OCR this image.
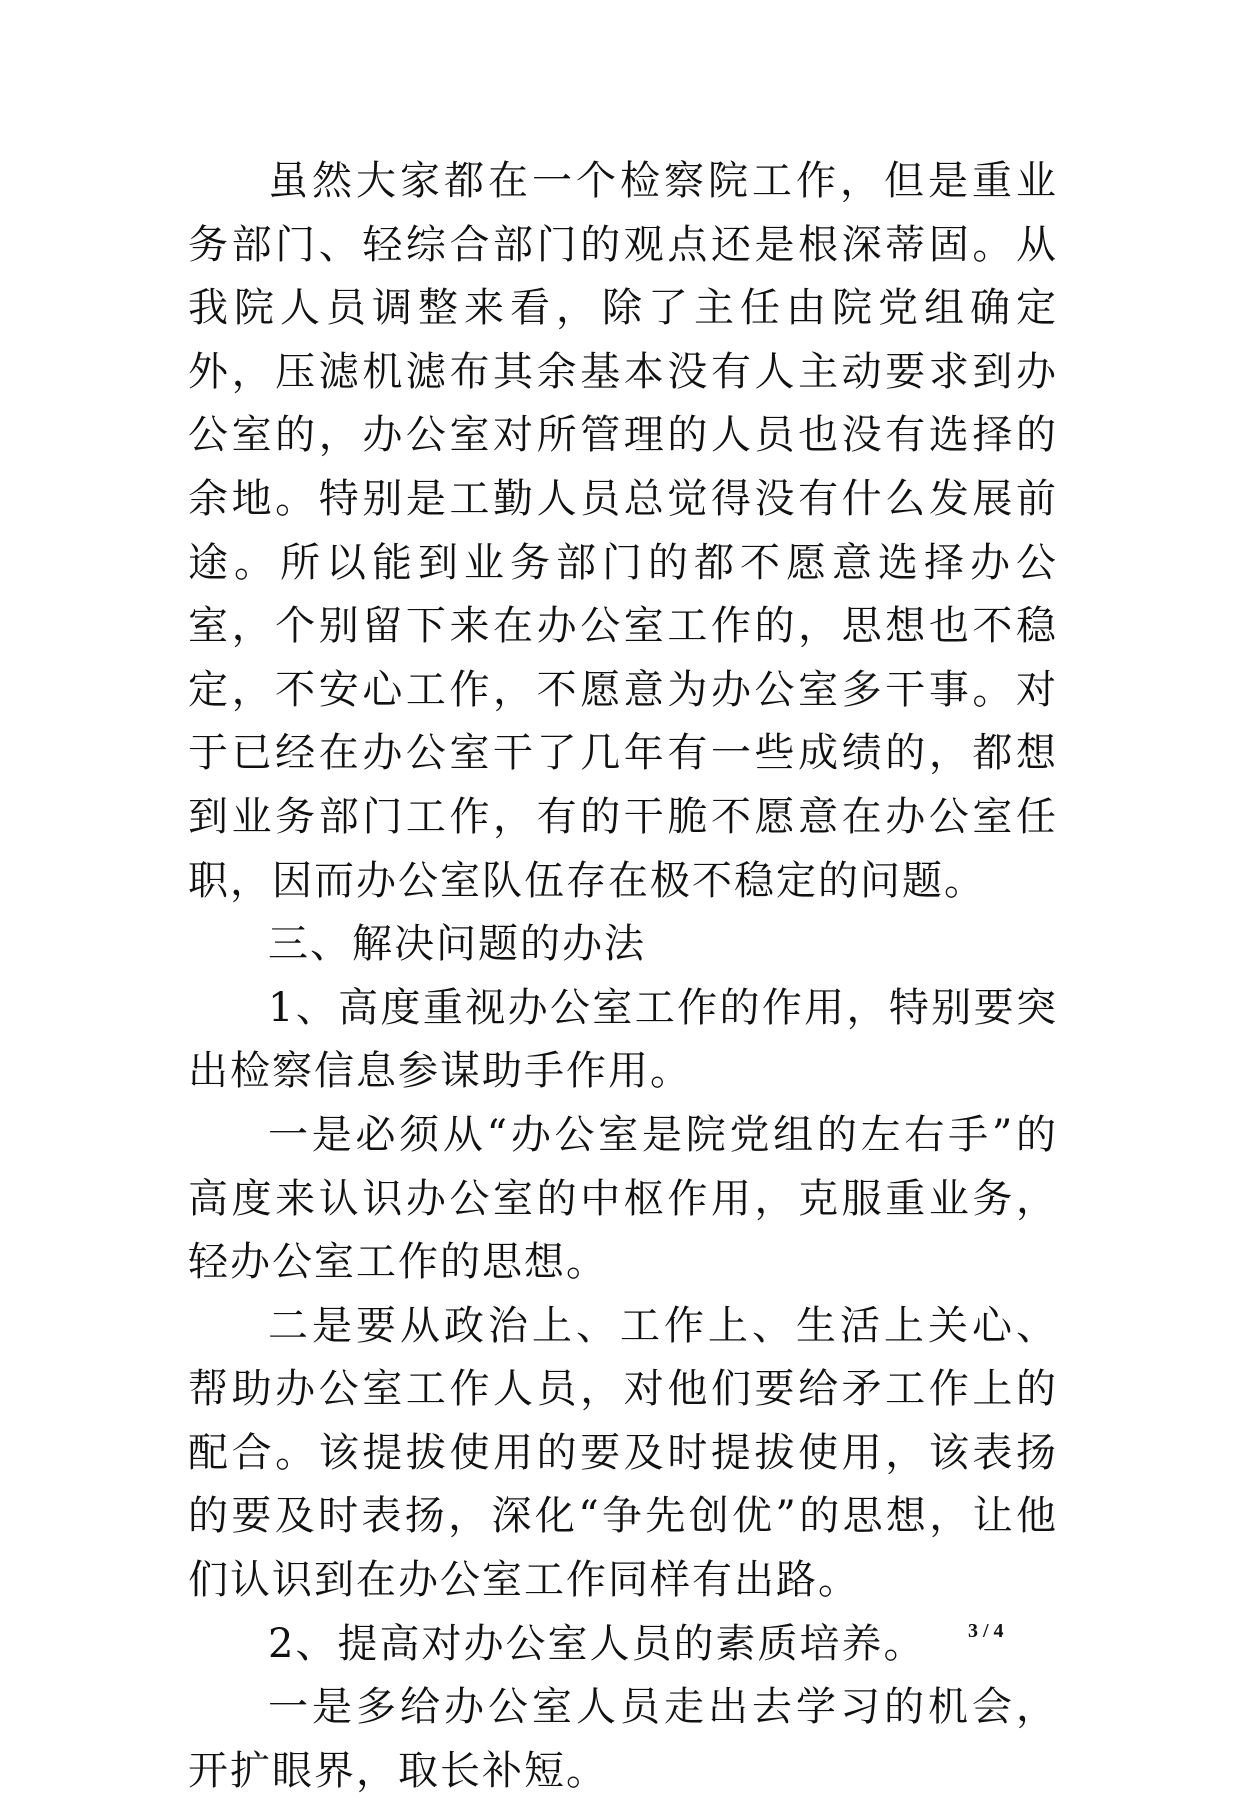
虽然大家都在一个检察院工作，但是重业务部门、轻综合部门的观点还是根深蒂固。从我院人员调整来看，除了主任由院党组确定外，压滤机滤布其余基本没有人主动要求到办公室的，办公室对所管理的人员也没有选择的余地。特别是工勤人员总觉得没有什么发展前途。所以能到业务部门的都不愿意选择办公室，个别留下来在办公室工作的，思想也不稳定，不安心工作，不愿意为办公室多干事。对于已经在办公室干了几年有一些成绩的，都想到业务部门工作，有的干脆不愿意在办公室任职，因而办公室队伍存在极不稳定的问题。

三、解决问题的办法

1、高度重视办公室工作的作用，特别要突出检察信息参谋助手作用。

一是必须从“办公室是院党组的左右手”的高度来认识办公室的中枢作用，克服重业务，轻办公室工作的思想。

二是要从政治上、工作上、生活上关心、帮助办公室工作人员，对他们要给矛工作上的配合。该提拔使用的要及时提拔使用，该表扬的要及时表扬，深化“争先创优”的思想，让他们认识到在办公室工作同样有出路。

2、提高对办公室人员的素质培养。

一是多给办公室人员走出去学习的机会，开扩眼界，取长补短。

3 / 4
